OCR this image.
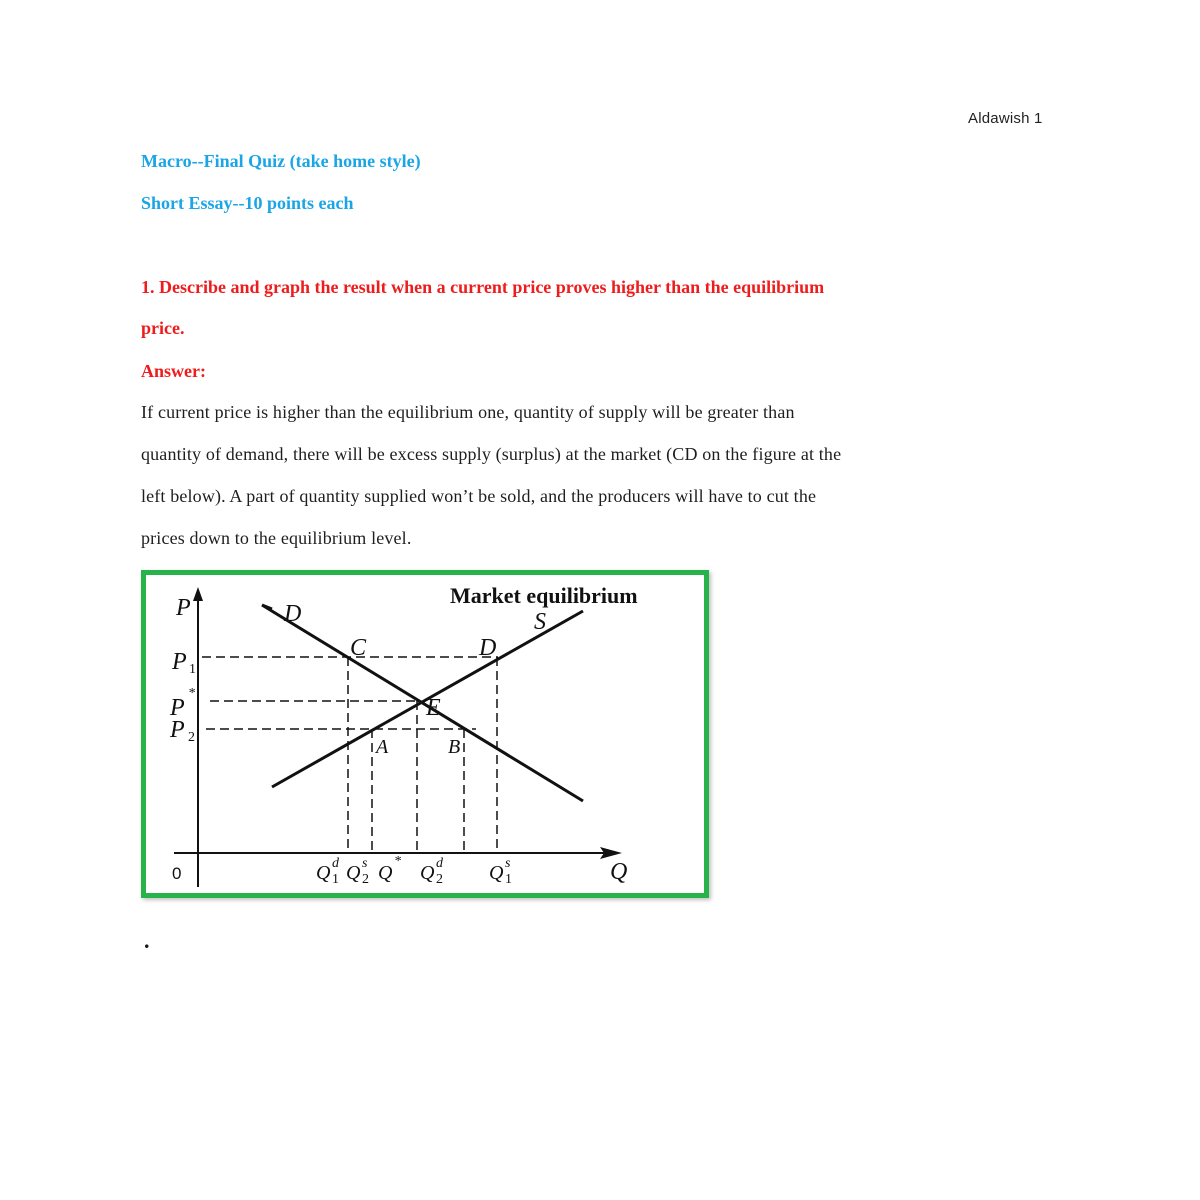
Aldawish 1
Macro--Final Quiz (take home style)
Short Essay--10 points each
1. Describe and graph the result when a current price proves higher than the equilibrium
price.
Answer:
If current price is higher than the equilibrium one, quantity of supply will be greater than
quantity of demand, there will be excess supply (surplus) at the market (CD on the figure at the
left below). A part of quantity supplied won’t be sold, and the producers will have to cut the
prices down to the equilibrium level.
Market equilibrium
P
Q
0
D	S
C	D
E
A	B
P 1
P
*
P 2
Q d
1 Q s
2 Q
*
Q d
2 Q s
1
.
